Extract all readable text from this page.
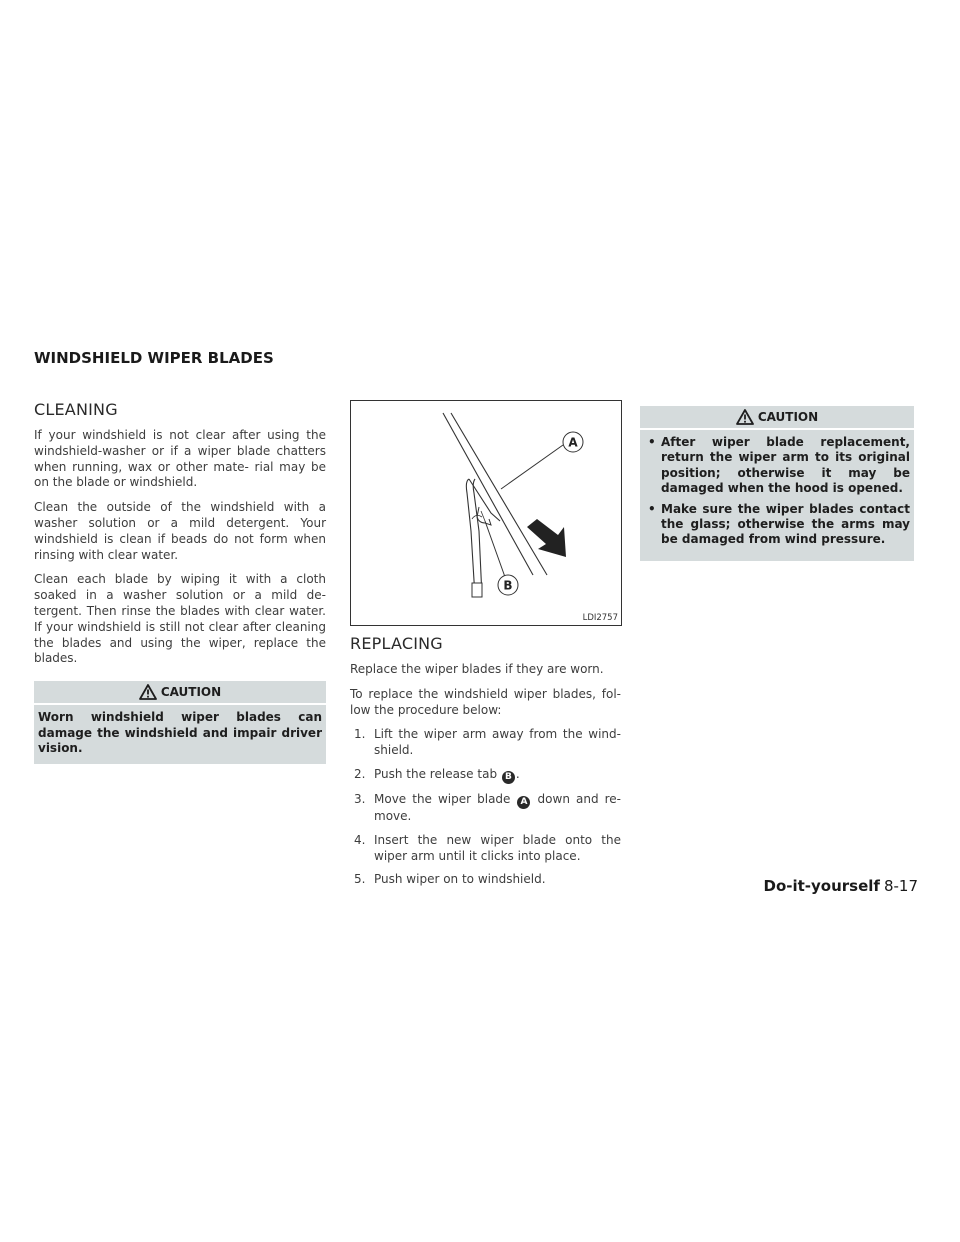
WINDSHIELD WIPER BLADES
CLEANING

If your windshield is not clear after using the windshield-washer or if a wiper blade chatters when running, wax or other mate- rial may be on the blade or windshield.

Clean the outside of the windshield with a washer solution or a mild detergent. Your windshield is clean if beads do not form when rinsing with clear water.

Clean each blade by wiping it with a cloth soaked in a washer solution or a mild de- tergent. Then rinse the blades with clear water. If your windshield is still not clear after cleaning the blades and using the wiper, replace the blades.

CAUTION
Worn windshield wiper blades can damage the windshield and impair driver vision.
A
B
LDI2757
REPLACING

Replace the wiper blades if they are worn.

To replace the windshield wiper blades, fol- low the procedure below:

1. Lift the wiper arm away from the wind- shield.
2. Push the release tab B .
3. Move the wiper blade A down and re- move.
4. Insert the new wiper blade onto the wiper arm until it clicks into place.
5. Push wiper on to windshield.
CAUTION
• After wiper blade replacement, return the wiper arm to its original position; otherwise it may be damaged when the hood is opened.
• Make sure the wiper blades contact the glass; otherwise the arms may be damaged from wind pressure.
Do-it-yourself 8-17
